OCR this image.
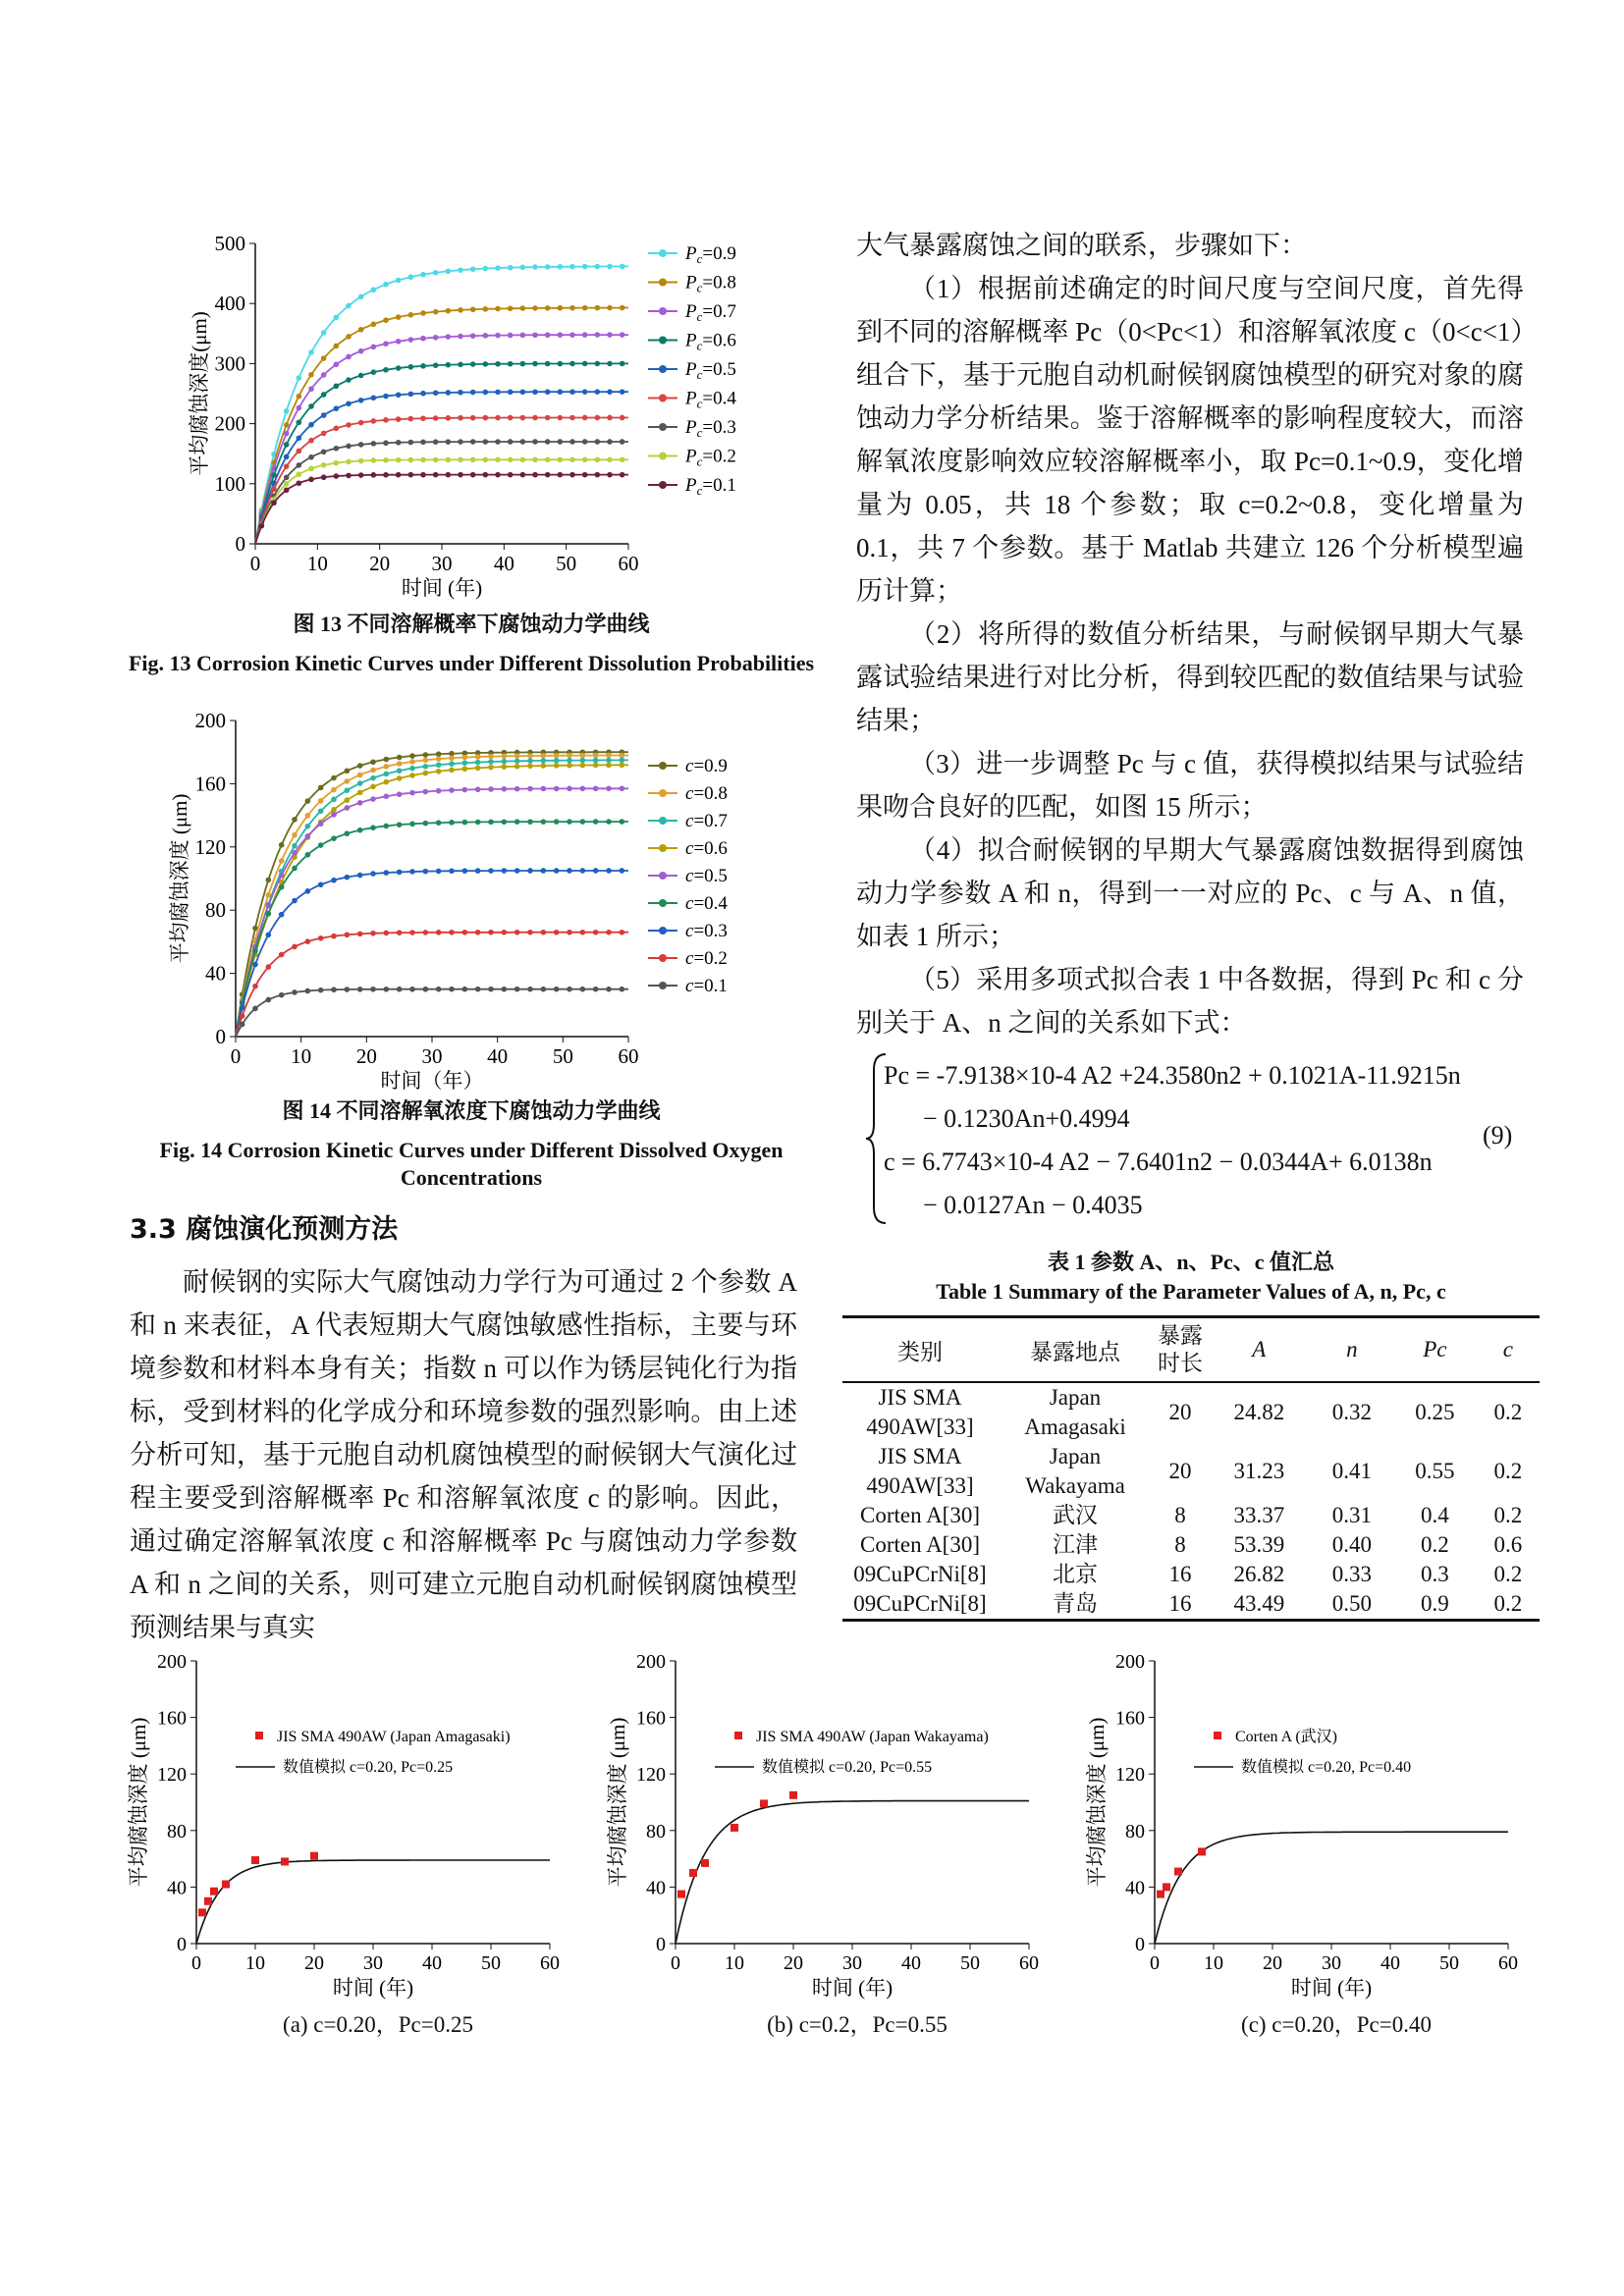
0 10 20 30 40 50 60
0
100
200
300
400
500
时间 (年)
平均腐蚀深度(μm)
$P_c=0.9$
$P_c=0.8$
$P_c=0.7$
$P_c=0.6$
$P_c=0.5$
$P_c=0.4$
$P_c=0.3$
$P_c=0.2$
$P_c=0.1$
图 13 不同溶解概率下腐蚀动力学曲线
Fig. 13 Corrosion Kinetic Curves under Different Dissolution Probabilities
0 10 20 30 40 50 60
0
40
80
120
160
200
时间（年）
平均腐蚀深度 (μm)
c=0.9
c=0.8
c=0.7
c=0.6
c=0.5
c=0.4
c=0.3
c=0.2
c=0.1
图 14 不同溶解氧浓度下腐蚀动力学曲线
Fig. 14 Corrosion Kinetic Curves under Different Dissolved Oxygen Concentrations
3.3 腐蚀演化预测方法
耐候钢的实际大气腐蚀动力学行为可通过 2 个参数 A 和 n 来表征，A 代表短期大气腐蚀敏感性指标，主要与环境参数和材料本身有关；指数 n 可以作为锈层钝化行为指标，受到材料的化学成分和环境参数的强烈影响。由上述分析可知，基于元胞自动机腐蚀模型的耐候钢大气演化过程主要受到溶解概率 Pc 和溶解氧浓度 c 的影响。因此，通过确定溶解氧浓度 c 和溶解概率 Pc 与腐蚀动力学参数 A 和 n 之间的关系，则可建立元胞自动机耐候钢腐蚀模型预测结果与真实

大气暴露腐蚀之间的联系，步骤如下：

（1）根据前述确定的时间尺度与空间尺度，首先得到不同的溶解概率 Pc（0<Pc<1）和溶解氧浓度 c（0<c<1）组合下，基于元胞自动机耐候钢腐蚀模型的研究对象的腐蚀动力学分析结果。鉴于溶解概率的影响程度较大，而溶解氧浓度影响效应较溶解概率小，取 Pc=0.1~0.9，变化增量为 0.05，共 18 个参数；取 c=0.2~0.8，变化增量为 0.1，共 7 个参数。基于 Matlab 共建立 126 个分析模型遍历计算；

（2）将所得的数值分析结果，与耐候钢早期大气暴露试验结果进行对比分析，得到较匹配的数值结果与试验结果；

（3）进一步调整 Pc 与 c 值，获得模拟结果与试验结果吻合良好的匹配，如图 15 所示；

（4）拟合耐候钢的早期大气暴露腐蚀数据得到腐蚀动力学参数 A 和 n，得到一一对应的 Pc、c 与 A、n 值，如表 1 所示；

（5）采用多项式拟合表 1 中各数据，得到 Pc 和 c 分别关于 A、n 之间的关系如下式：

Pc = -7.9138×10-4 A2 +24.3580n2 + 0.1021A-11.9215n
− 0.1230An+0.4994
c = 6.7743×10-4 A2 − 7.6401n2 − 0.0344A+ 6.0138n
− 0.0127An − 0.4035
(9)
表 1 参数 A、n、Pc、c 值汇总
Table 1 Summary of the Parameter Values of A, n, Pc, c
类别	暴露地点	暴露时长	A	n	Pc	c
JIS SMA 490AW[33]	Japan Amagasaki	20	24.82	0.32	0.25	0.2
JIS SMA 490AW[33]	Japan Wakayama	20	31.23	0.41	0.55	0.2
Corten A[30]	武汉	8	33.37	0.31	0.4	0.2
Corten A[30]	江津	8	53.39	0.40	0.2	0.6
09CuPCrNi[8]	北京	16	26.82	0.33	0.3	0.2
09CuPCrNi[8]	青岛	16	43.49	0.50	0.9	0.2
0 10 20 30 40 50 60
0
40
80
120
160
200
时间 (年)
平均腐蚀深度 (μm)	JIS SMA 490AW (Japan Amagasaki)
数值模拟 c=0.20, Pc=0.25
(a) c=0.20，Pc=0.25
0 10 20 30 40 50 60
0
40
80
120
160
200
时间 (年)
平均腐蚀深度 (μm)	JIS SMA 490AW (Japan Wakayama)
数值模拟 c=0.20, Pc=0.55
(b) c=0.2，Pc=0.55
0 10 20 30 40 50 60
0
40
80
120
160
200
时间 (年)
平均腐蚀深度 (μm)	Corten A (武汉)
数值模拟 c=0.20, Pc=0.40
(c) c=0.20，Pc=0.40
